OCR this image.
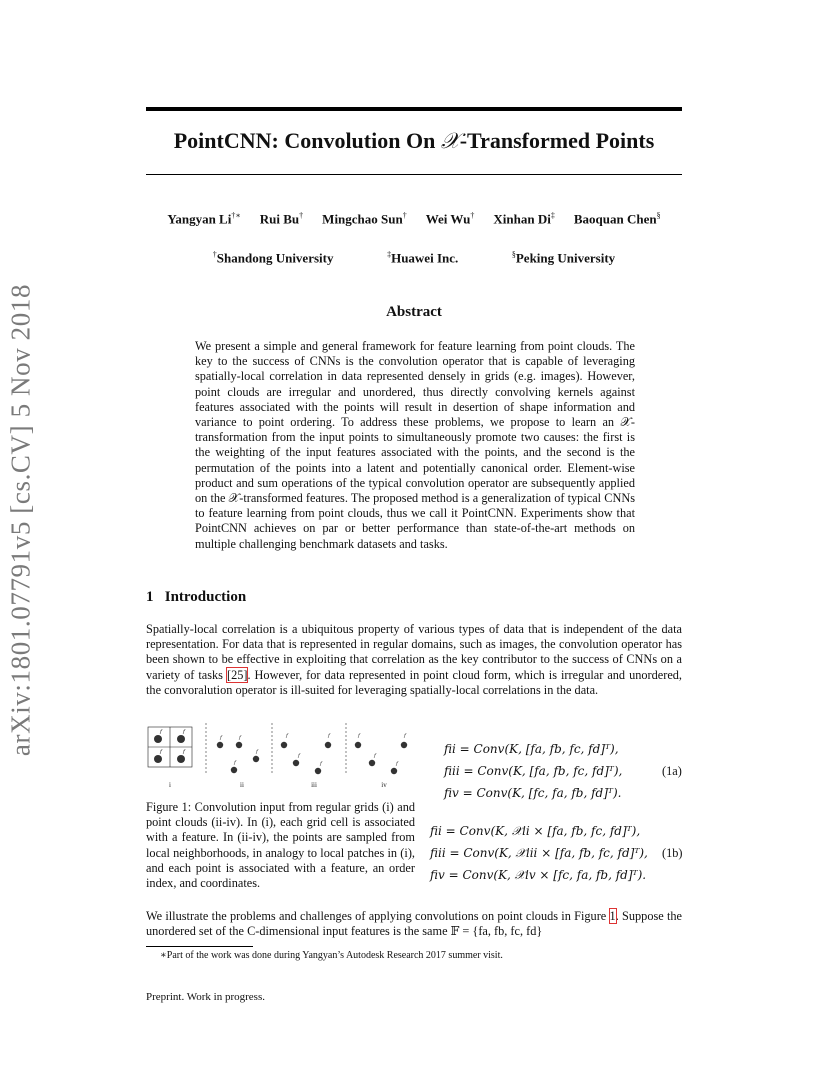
arXiv:1801.07791v5 [cs.CV] 5 Nov 2018
PointCNN: Convolution On 𝒳-Transformed Points
Yangyan Li†∗ Rui Bu† Mingchao Sun† Wei Wu† Xinhan Di‡ Baoquan Chen§
†Shandong University	‡Huawei Inc.	§Peking University
Abstract
We present a simple and general framework for feature learning from point clouds. The key to the success of CNNs is the convolution operator that is capable of leveraging spatially-local correlation in data represented densely in grids (e.g. images). However, point clouds are irregular and unordered, thus directly convolving kernels against features associated with the points will result in desertion of shape information and variance to point ordering. To address these problems, we propose to learn an 𝒳-transformation from the input points to simultaneously promote two causes: the first is the weighting of the input features associated with the points, and the second is the permutation of the points into a latent and potentially canonical order. Element-wise product and sum operations of the typical convolution operator are subsequently applied on the 𝒳-transformed features. The proposed method is a generalization of typical CNNs to feature learning from point clouds, thus we call it PointCNN. Experiments show that PointCNN achieves on par or better performance than state-of-the-art methods on multiple challenging benchmark datasets and tasks.
1 Introduction
Spatially-local correlation is a ubiquitous property of various types of data that is independent of the data representation. For data that is represented in regular domains, such as images, the convolution operator has been shown to be effective in exploiting that correlation as the key contributor to the success of CNNs on a variety of tasks [25]. However, for data represented in point cloud form, which is irregular and unordered, the convoralution operator is ill-suited for leveraging spatially-local correlations in the data.
f	f
f	f
f	f
f
f
f	f
f
f
f	f
f
f
i	ii	iii	iv
Figure 1: Convolution input from regular grids (i) and point clouds (ii-iv). In (i), each grid cell is associated with a feature. In (ii-iv), the points are sampled from local neighborhoods, in analogy to local patches in (i), and each point is associated with a feature, an order index, and coordinates.
fii = Conv(K, [fa, fb, fc, fd]ᵀ),
fiii = Conv(K, [fa, fb, fc, fd]ᵀ),
fiv = Conv(K, [fc, fa, fb, fd]ᵀ).
(1a)
fii = Conv(K, 𝒳ii × [fa, fb, fc, fd]ᵀ),
fiii = Conv(K, 𝒳iii × [fa, fb, fc, fd]ᵀ),
fiv = Conv(K, 𝒳iv × [fc, fa, fb, fd]ᵀ).
(1b)
We illustrate the problems and challenges of applying convolutions on point clouds in Figure 1. Suppose the unordered set of the C-dimensional input features is the same 𝔽 = {fa, fb, fc, fd}
∗Part of the work was done during Yangyan’s Autodesk Research 2017 summer visit.
Preprint. Work in progress.
